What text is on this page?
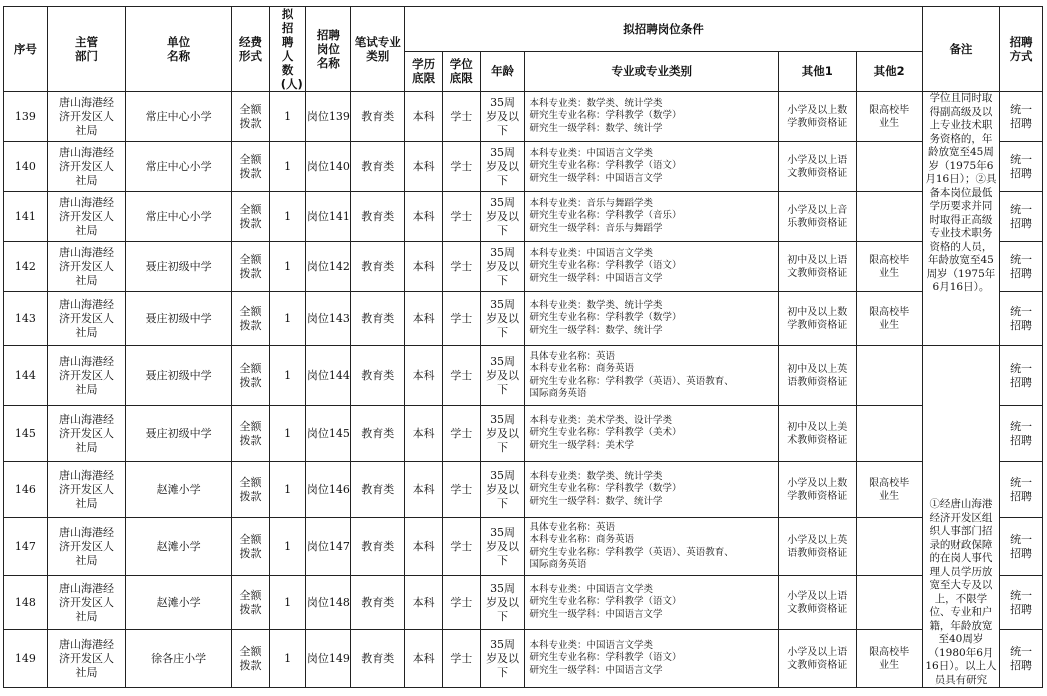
序号	主管部门	单位名称	经费形式	拟招聘人数(人)	招聘岗位名称	笔试专业类别	拟招聘岗位条件						备注	招聘方式
							学历底限	学位底限	年龄	专业或专业类别	其他1	其他2		
139	唐山海港经济开发区人社局	常庄中心小学	全额拨款	1	岗位139	教育类	本科	学士	35周岁及以下	本科专业类：数学类、统计学类
研究生专业名称：学科教学（数学）
研究生一级学科：数学、统计学	小学及以上数学教师资格证	限高校毕业生	学位且同时取得副高级及以上专业技术职务资格的，年龄放宽至45周岁（1975年6月16日）；②具备本岗位最低学历要求并同时取得正高级专业技术职务资格的人员，年龄放宽至45周岁（1975年6月16日）。	统一招聘
140	唐山海港经济开发区人社局	常庄中心小学	全额拨款	1	岗位140	教育类	本科	学士	35周岁及以下	本科专业类：中国语言文学类
研究生专业名称：学科教学（语文）
研究生一级学科：中国语言文学	小学及以上语文教师资格证			统一招聘
141	唐山海港经济开发区人社局	常庄中心小学	全额拨款	1	岗位141	教育类	本科	学士	35周岁及以下	本科专业类：音乐与舞蹈学类
研究生专业名称：学科教学（音乐）
研究生一级学科：音乐与舞蹈学	小学及以上音乐教师资格证			统一招聘
142	唐山海港经济开发区人社局	聂庄初级中学	全额拨款	1	岗位142	教育类	本科	学士	35周岁及以下	本科专业类：中国语言文学类
研究生专业名称：学科教学（语文）
研究生一级学科：中国语言文学	初中及以上语文教师资格证	限高校毕业生		统一招聘
143	唐山海港经济开发区人社局	聂庄初级中学	全额拨款	1	岗位143	教育类	本科	学士	35周岁及以下	本科专业类：数学类、统计学类
研究生专业名称：学科教学（数学）
研究生一级学科：数学、统计学	初中及以上数学教师资格证	限高校毕业生		统一招聘
144	唐山海港经济开发区人社局	聂庄初级中学	全额拨款	1	岗位144	教育类	本科	学士	35周岁及以下	具体专业名称：英语
本科专业名称：商务英语
研究生专业名称：学科教学（英语）、英语教育、
国际商务英语	初中及以上英语教师资格证		①经唐山海港经济开发区组织人事部门招录的财政保障的在岗人事代理人员学历放宽至大专及以上，不限学位、专业和户籍，年龄放宽至40周岁（1980年6月16日）。以上人员具有研究	统一招聘
145	唐山海港经济开发区人社局	聂庄初级中学	全额拨款	1	岗位145	教育类	本科	学士	35周岁及以下	本科专业类：美术学类、设计学类
研究生专业名称：学科教学（美术）
研究生一级学科：美术学	初中及以上美术教师资格证			统一招聘
146	唐山海港经济开发区人社局	赵滩小学	全额拨款	1	岗位146	教育类	本科	学士	35周岁及以下	本科专业类：数学类、统计学类
研究生专业名称：学科教学（数学）
研究生一级学科：数学、统计学	小学及以上数学教师资格证	限高校毕业生		统一招聘
147	唐山海港经济开发区人社局	赵滩小学	全额拨款	1	岗位147	教育类	本科	学士	35周岁及以下	具体专业名称：英语
本科专业名称：商务英语
研究生专业名称：学科教学（英语）、英语教育、
国际商务英语	小学及以上英语教师资格证			统一招聘
148	唐山海港经济开发区人社局	赵滩小学	全额拨款	1	岗位148	教育类	本科	学士	35周岁及以下	本科专业类：中国语言文学类
研究生专业名称：学科教学（语文）
研究生一级学科：中国语言文学	小学及以上语文教师资格证			统一招聘
149	唐山海港经济开发区人社局	徐各庄小学	全额拨款	1	岗位149	教育类	本科	学士	35周岁及以下	本科专业类：中国语言文学类
研究生专业名称：学科教学（语文）
研究生一级学科：中国语言文学	小学及以上语文教师资格证	限高校毕业生		统一招聘
